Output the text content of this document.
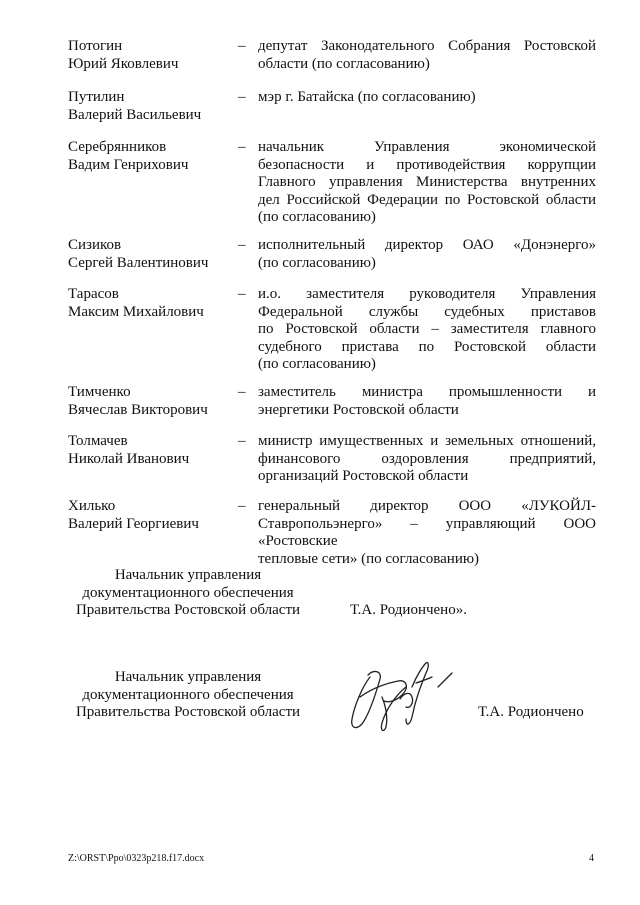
Потогин
Юрий Яковлевич
– депутат Законодательного Собрания Ростовской
области (по согласованию)
Путилин
Валерий Васильевич
– мэр г. Батайска (по согласованию)
Серебрянников
Вадим Генрихович
– начальник Управления экономической
безопасности и противодействия коррупции
Главного управления Министерства внутренних
дел Российской Федерации по Ростовской области
(по согласованию)
Сизиков
Сергей Валентинович
– исполнительный директор ОАО «Донэнерго»
(по согласованию)
Тарасов
Максим Михайлович
– и.о. заместителя руководителя Управления
Федеральной службы судебных приставов
по Ростовской области – заместителя главного
судебного пристава по Ростовской области
(по согласованию)
Тимченко
Вячеслав Викторович
– заместитель министра промышленности и
энергетики Ростовской области
Толмачев
Николай Иванович
– министр имущественных и земельных отношений,
финансового оздоровления предприятий,
организаций Ростовской области
Хилько
Валерий Георгиевич
– генеральный директор ООО «ЛУКОЙЛ-
Ставропольэнерго» – управляющий ООО «Ростовские
тепловые сети» (по согласованию)
Начальник управления
документационного обеспечения
Правительства Ростовской области	Т.А. Родиончено».
Начальник управления
документационного обеспечения
Правительства Ростовской области	Т.А. Родиончено
Z:\ORST\Ppo\0323p218.f17.docx	4
